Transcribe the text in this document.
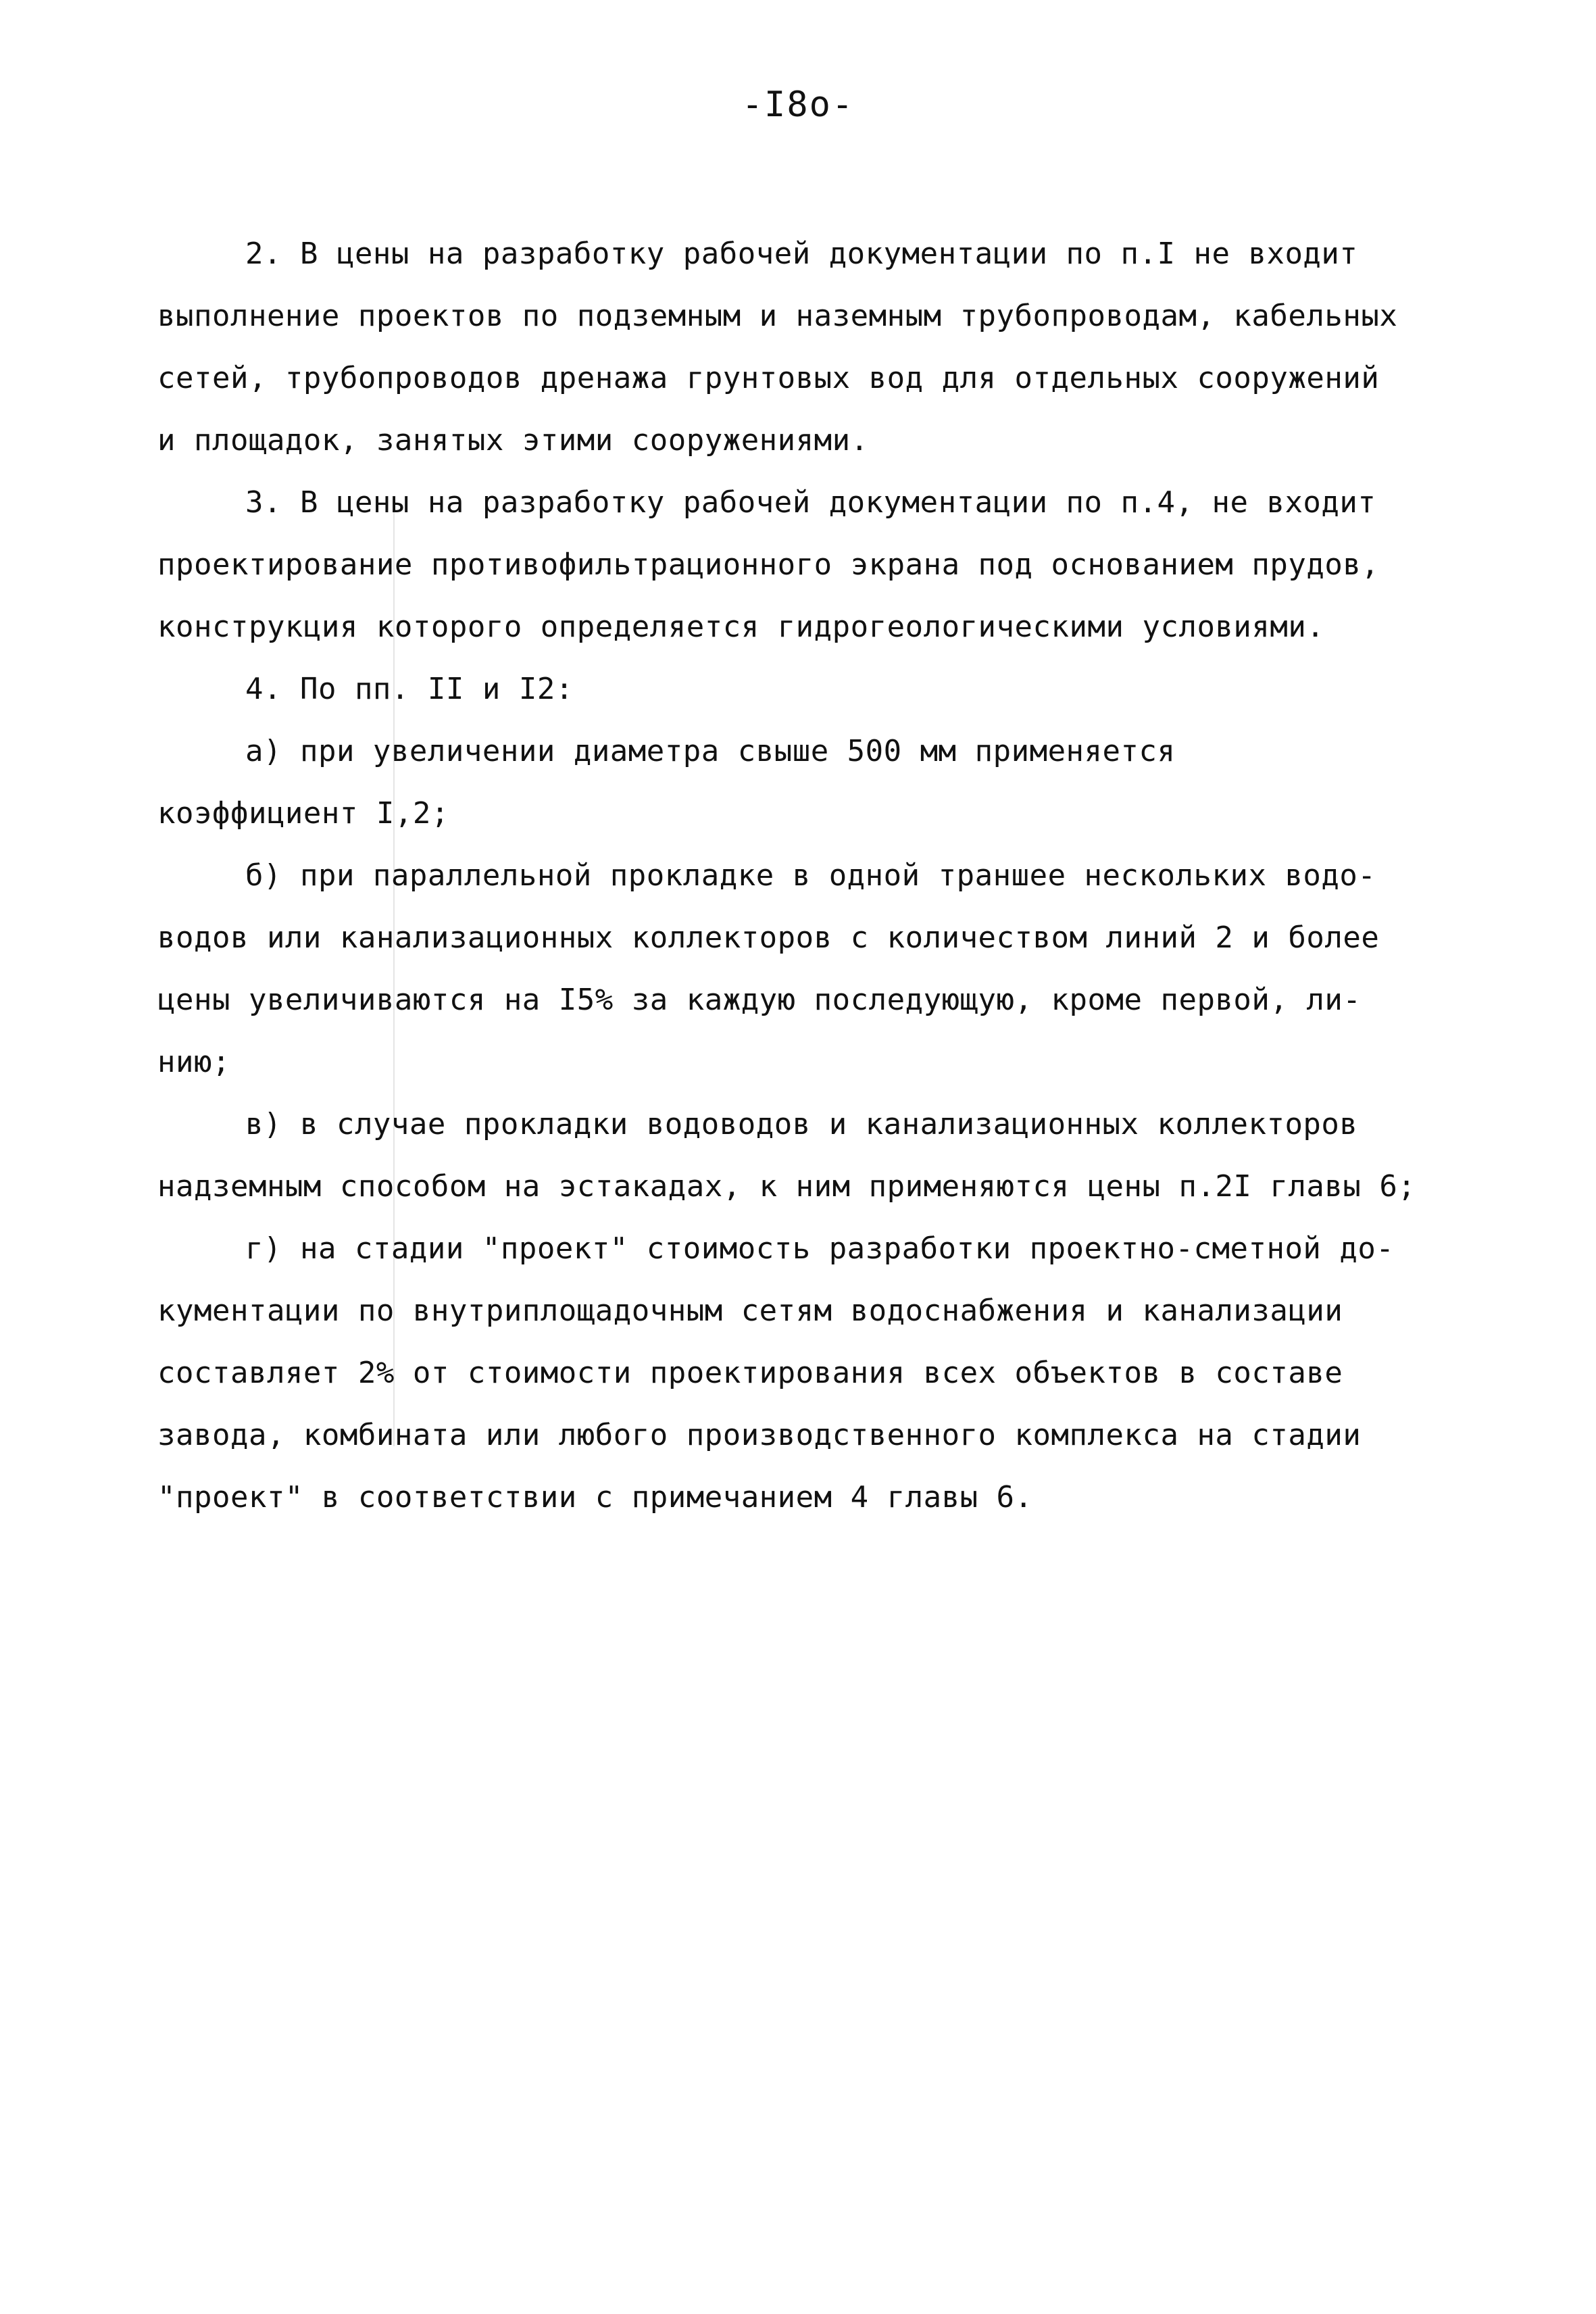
-I8o-
2. В цены на разработку рабочей документации по п.I не входит
выполнение проектов по подземным и наземным трубопроводам, кабельных
сетей, трубопроводов дренажа грунтовых вод для отдельных сооружений
и площадок, занятых этими сооружениями.
3. В цены на разработку рабочей документации по п.4, не входит
проектирование противофильтрационного экрана под основанием прудов,
конструкция которого определяется гидрогеологическими условиями.
4. По пп. II и I2:
а) при увеличении диаметра свыше 500 мм применяется
коэффициент I,2;
б) при параллельной прокладке в одной траншее нескольких водо-
водов или канализационных коллекторов с количеством линий 2 и более
цены увеличиваются на I5% за каждую последующую, кроме первой, ли-
нию;
в) в случае прокладки водоводов и канализационных коллекторов
надземным способом на эстакадах, к ним применяются цены п.2I главы 6;
г) на стадии "проект" стоимость разработки проектно-сметной до-
кументации по внутриплощадочным сетям водоснабжения и канализации
составляет 2% от стоимости проектирования всех объектов в составе
завода, комбината или любого производственного комплекса на стадии
"проект" в соответствии с примечанием 4 главы 6.
